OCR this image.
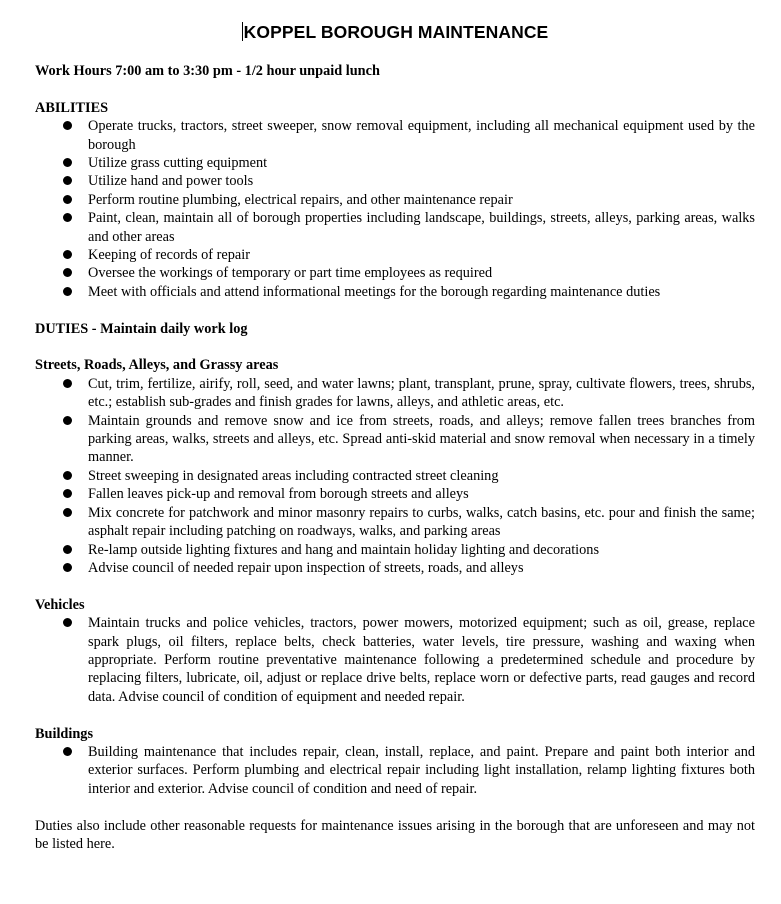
KOPPEL BOROUGH MAINTENANCE

Work Hours 7:00 am to 3:30 pm - 1/2 hour unpaid lunch

ABILITIES

Operate trucks, tractors, street sweeper, snow removal equipment, including all mechanical equipment used by the borough
Utilize grass cutting equipment
Utilize hand and power tools
Perform routine plumbing, electrical repairs, and other maintenance repair
Paint, clean, maintain all of borough properties including landscape, buildings, streets, alleys, parking areas, walks and other areas
Keeping of records of repair
Oversee the workings of temporary or part time employees as required
Meet with officials and attend informational meetings for the borough regarding maintenance duties

DUTIES - Maintain daily work log

Streets, Roads, Alleys, and Grassy areas

Cut, trim, fertilize, airify, roll, seed, and water lawns; plant, transplant, prune, spray, cultivate flowers, trees, shrubs, etc.; establish sub-grades and finish grades for lawns, alleys, and athletic areas, etc.
Maintain grounds and remove snow and ice from streets, roads, and alleys; remove fallen trees branches from parking areas, walks, streets and alleys, etc. Spread anti-skid material and snow removal when necessary in a timely manner.
Street sweeping in designated areas including contracted street cleaning
Fallen leaves pick-up and removal from borough streets and alleys
Mix concrete for patchwork and minor masonry repairs to curbs, walks, catch basins, etc. pour and finish the same; asphalt repair including patching on roadways, walks, and parking areas
Re-lamp outside lighting fixtures and hang and maintain holiday lighting and decorations
Advise council of needed repair upon inspection of streets, roads, and alleys

Vehicles

Maintain trucks and police vehicles, tractors, power mowers, motorized equipment; such as oil, grease, replace spark plugs, oil filters, replace belts, check batteries, water levels, tire pressure, washing and waxing when appropriate. Perform routine preventative maintenance following a predetermined schedule and procedure by replacing filters, lubricate, oil, adjust or replace drive belts, replace worn or defective parts, read gauges and record data. Advise council of condition of equipment and needed repair.

Buildings

Building maintenance that includes repair, clean, install, replace, and paint. Prepare and paint both interior and exterior surfaces. Perform plumbing and electrical repair including light installation, relamp lighting fixtures both interior and exterior. Advise council of condition and need of repair.

Duties also include other reasonable requests for maintenance issues arising in the borough that are unforeseen and may not be listed here.
